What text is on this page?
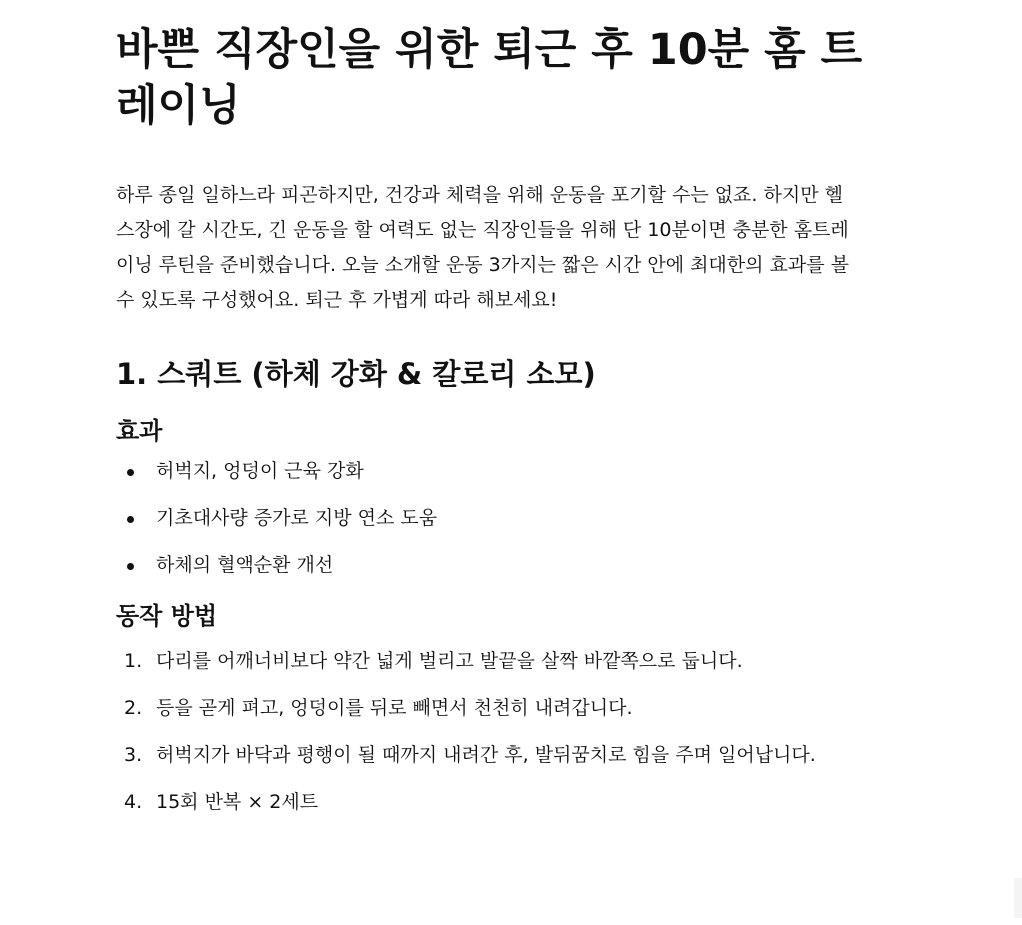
바쁜 직장인을 위한 퇴근 후 10분 홈 트레이닝

하루 종일 일하느라 피곤하지만, 건강과 체력을 위해 운동을 포기할 수는 없죠. 하지만 헬스장에 갈 시간도, 긴 운동을 할 여력도 없는 직장인들을 위해 단 10분이면 충분한 홈트레이닝 루틴을 준비했습니다. 오늘 소개할 운동 3가지는 짧은 시간 안에 최대한의 효과를 볼 수 있도록 구성했어요. 퇴근 후 가볍게 따라 해보세요!

1. 스쿼트 (하체 강화 & 칼로리 소모)
효과
허벅지, 엉덩이 근육 강화
기초대사량 증가로 지방 연소 도움
하체의 혈액순환 개선
동작 방법
1. 다리를 어깨너비보다 약간 넓게 벌리고 발끝을 살짝 바깥쪽으로 둡니다.
2. 등을 곧게 펴고, 엉덩이를 뒤로 빼면서 천천히 내려갑니다.
3. 허벅지가 바닥과 평행이 될 때까지 내려간 후, 발뒤꿈치로 힘을 주며 일어납니다.
4. 15회 반복 × 2세트
